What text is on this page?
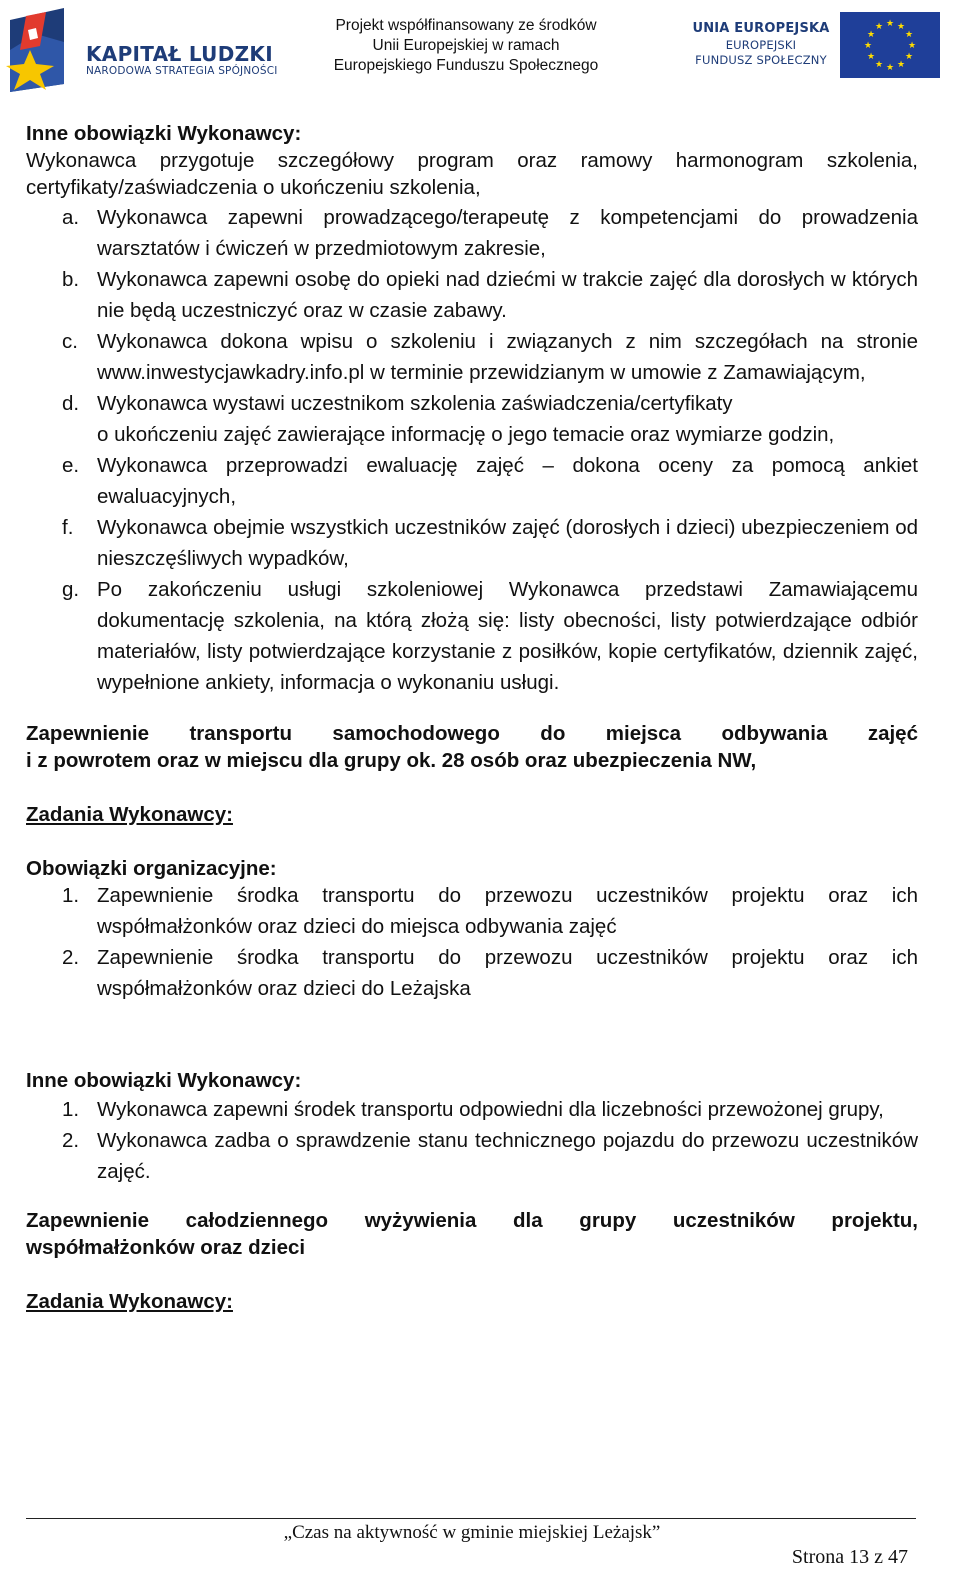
KAPITAŁ LUDZKI
NARODOWA STRATEGIA SPÓJNOŚCI
Projekt współfinansowany ze środków
Unii Europejskiej w ramach
Europejskiego Funduszu Społecznego
UNIA EUROPEJSKA
EUROPEJSKI
FUNDUSZ SPOŁECZNY
★ ★
★
★
★
★
★
★
★
★
★
★

Inne obowiązki Wykonawcy:

Wykonawca przygotuje szczegółowy program oraz ramowy harmonogram szkolenia, certyfikaty/zaświadczenia o ukończeniu szkolenia,

a. Wykonawca zapewni prowadzącego/terapeutę z kompetencjami do prowadzenia warsztatów i ćwiczeń w przedmiotowym zakresie,
b. Wykonawca zapewni osobę do opieki nad dziećmi w trakcie zajęć dla dorosłych w których nie będą uczestniczyć oraz w czasie zabawy.
c. Wykonawca dokona wpisu o szkoleniu i związanych z nim szczegółach na stronie www.inwestycjawkadry.info.pl w terminie przewidzianym w umowie z Zamawiającym,
d. Wykonawca wystawi uczestnikom szkolenia zaświadczenia/certyfikaty
o ukończeniu zajęć zawierające informację o jego temacie oraz wymiarze godzin,
e. Wykonawca przeprowadzi ewaluację zajęć – dokona oceny za pomocą ankiet ewaluacyjnych,
f. Wykonawca obejmie wszystkich uczestników zajęć (dorosłych i dzieci) ubezpieczeniem od nieszczęśliwych wypadków,
g. Po zakończeniu usługi szkoleniowej Wykonawca przedstawi Zamawiającemu dokumentację szkolenia, na którą złożą się: listy obecności, listy potwierdzające odbiór materiałów, listy potwierdzające korzystanie z posiłków, kopie certyfikatów, dziennik zajęć, wypełnione ankiety, informacja o wykonaniu usługi.

Zapewnienie transportu samochodowego do miejsca odbywania zajęć

i z powrotem oraz w miejscu dla grupy ok. 28 osób oraz ubezpieczenia NW,

Zadania Wykonawcy:

Obowiązki organizacyjne:

1. Zapewnienie środka transportu do przewozu uczestników projektu oraz ich współmałżonków oraz dzieci do miejsca odbywania zajęć
2. Zapewnienie środka transportu do przewozu uczestników projektu oraz ich współmałżonków oraz dzieci do Leżajska

Inne obowiązki Wykonawcy:

1. Wykonawca zapewni środek transportu odpowiedni dla liczebności przewożonej grupy,
2. Wykonawca zadba o sprawdzenie stanu technicznego pojazdu do przewozu uczestników zajęć.

Zapewnienie całodziennego wyżywienia dla grupy uczestników projektu,

współmałżonków oraz dzieci

Zadania Wykonawcy:

„Czas na aktywność w gminie miejskiej Leżajsk”
Strona 13 z 47
